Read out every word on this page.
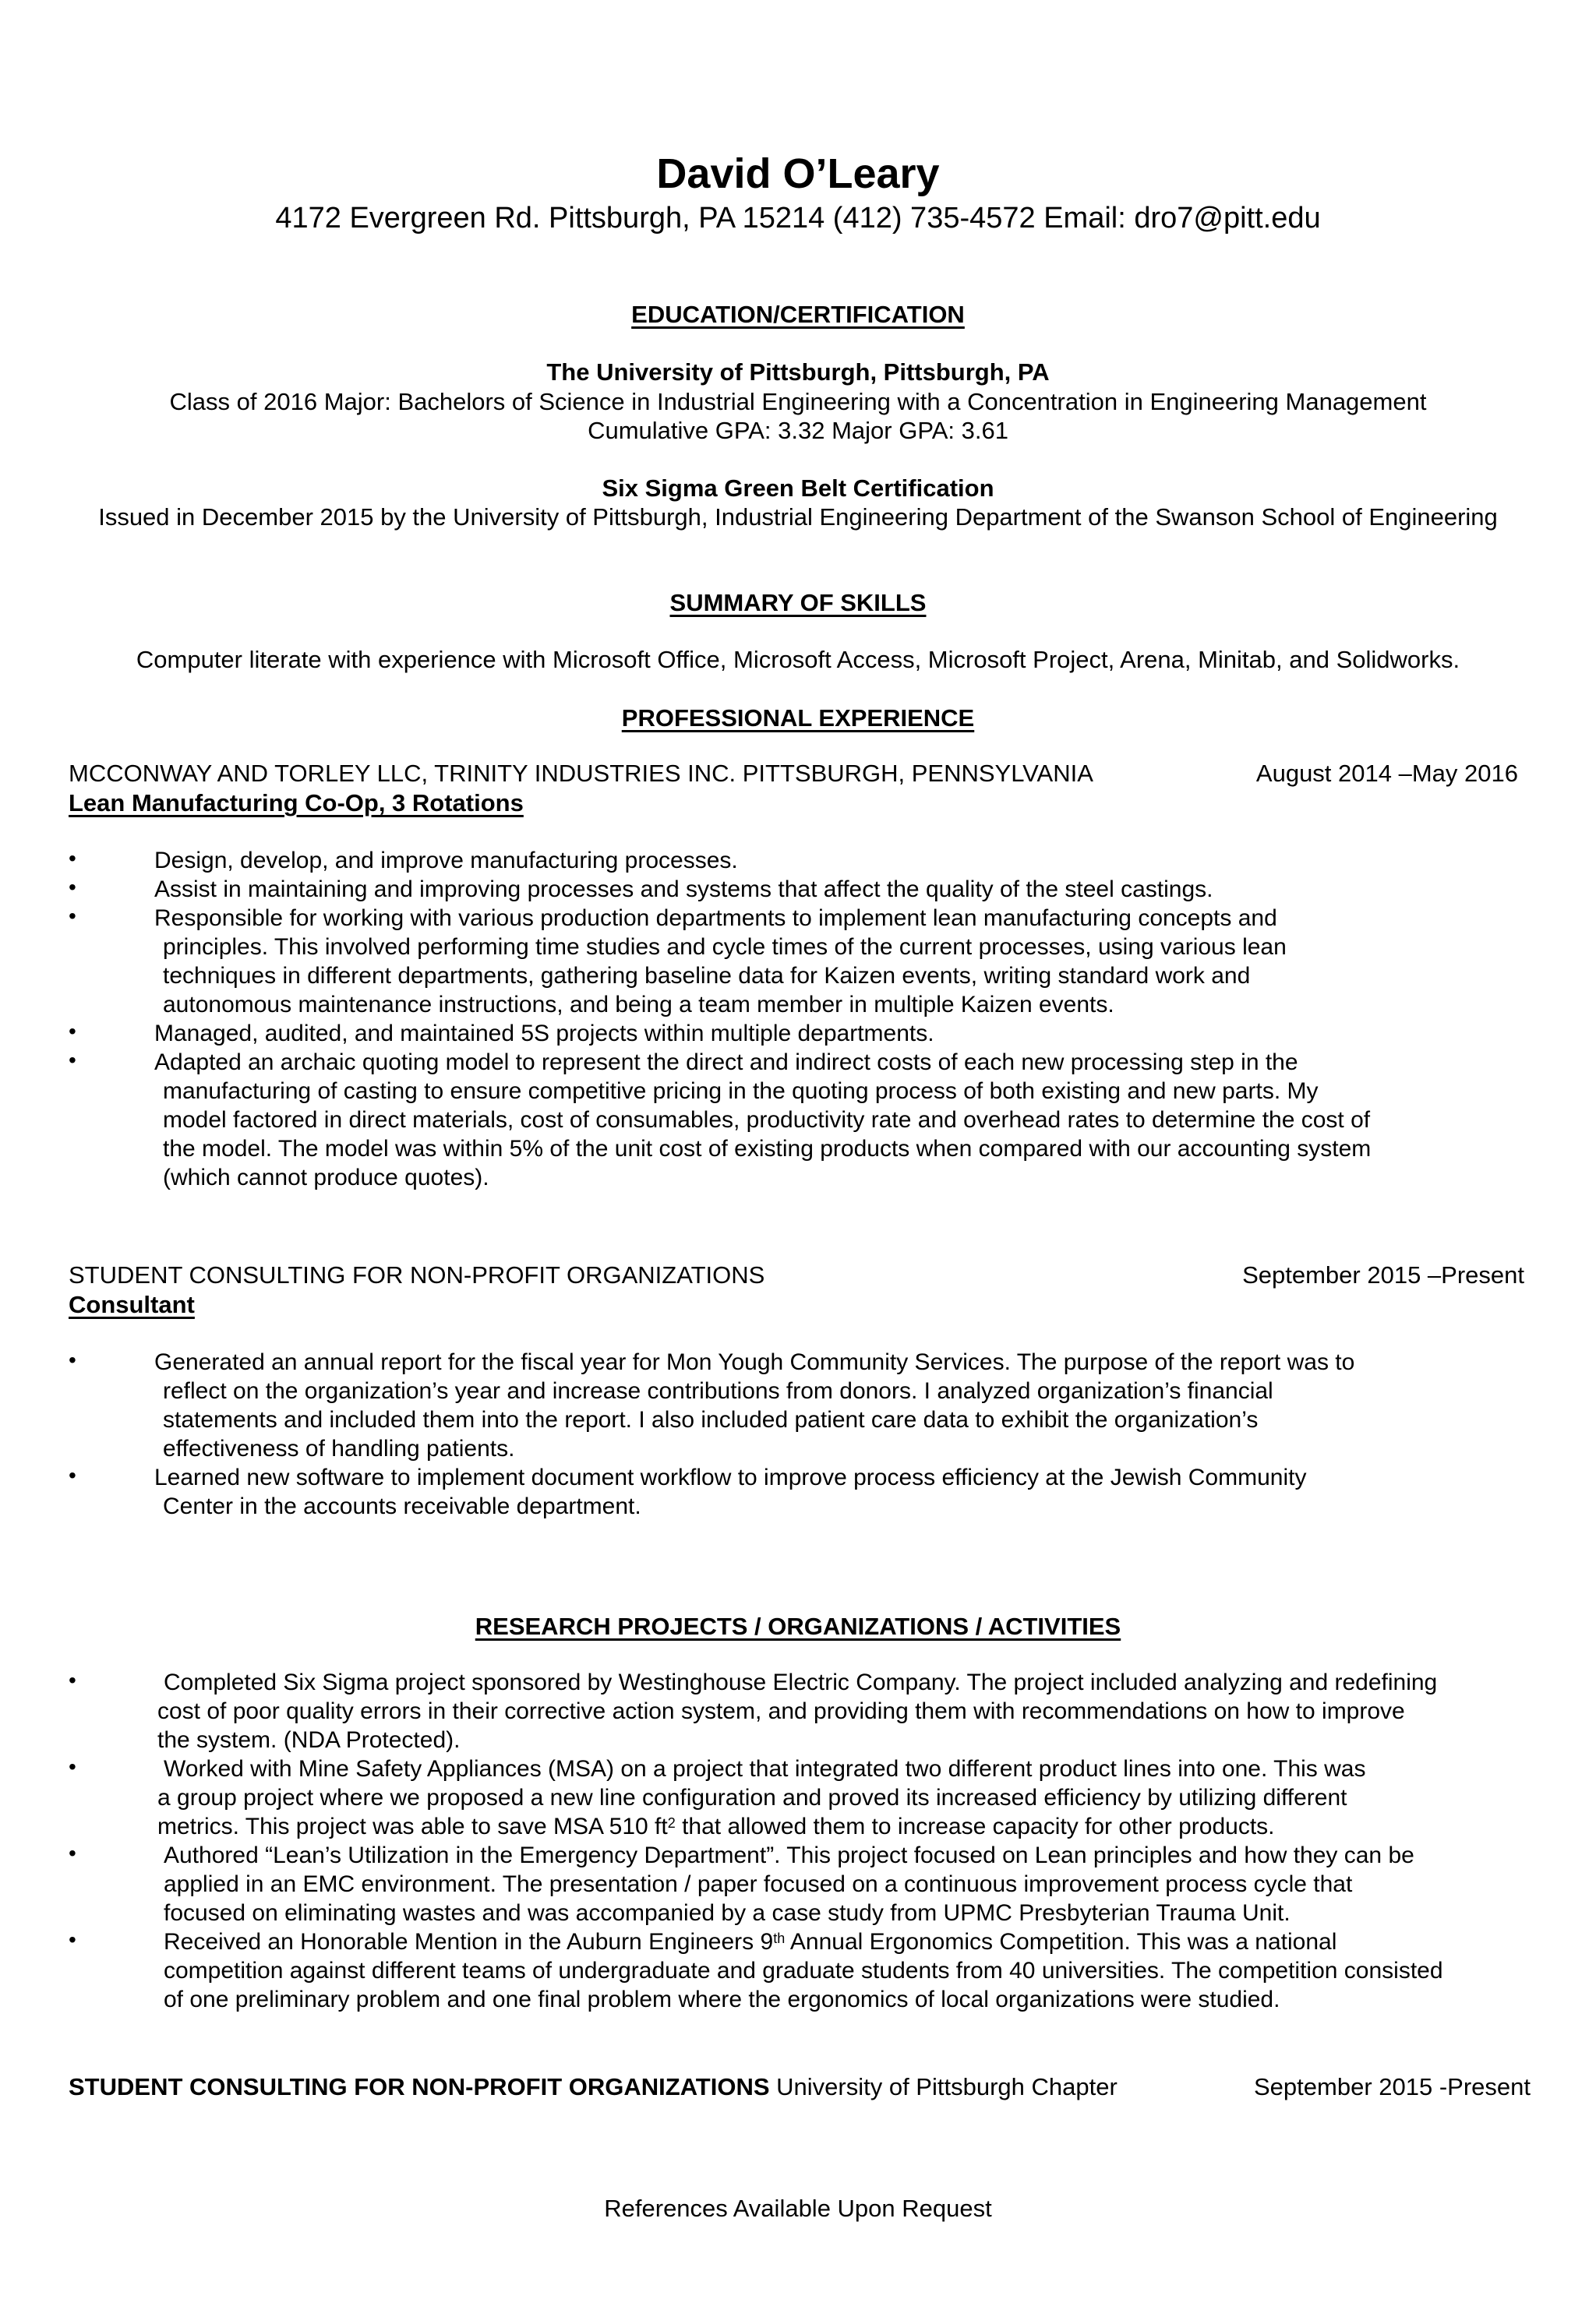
David O’Leary
4172 Evergreen Rd. Pittsburgh, PA 15214 (412) 735-4572 Email: dro7@pitt.edu
EDUCATION/CERTIFICATION
The University of Pittsburgh, Pittsburgh, PA
Class of 2016 Major: Bachelors of Science in Industrial Engineering with a Concentration in Engineering Management
Cumulative GPA: 3.32 Major GPA: 3.61
Six Sigma Green Belt Certification
Issued in December 2015 by the University of Pittsburgh, Industrial Engineering Department of the Swanson School of Engineering
SUMMARY OF SKILLS
Computer literate with experience with Microsoft Office, Microsoft Access, Microsoft Project, Arena, Minitab, and Solidworks.
PROFESSIONAL EXPERIENCE
MCCONWAY AND TORLEY LLC, TRINITY INDUSTRIES INC. PITTSBURGH, PENNSYLVANIA	August 2014 –May 2016
Lean Manufacturing Co-Op, 3 Rotations
•	Design, develop, and improve manufacturing processes.
•	Assist in maintaining and improving processes and systems that affect the quality of the steel castings.
•	Responsible for working with various production departments to implement lean manufacturing concepts and
principles. This involved performing time studies and cycle times of the current processes, using various lean
techniques in different departments, gathering baseline data for Kaizen events, writing standard work and
autonomous maintenance instructions, and being a team member in multiple Kaizen events.
•	Managed, audited, and maintained 5S projects within multiple departments.
•	Adapted an archaic quoting model to represent the direct and indirect costs of each new processing step in the
manufacturing of casting to ensure competitive pricing in the quoting process of both existing and new parts. My
model factored in direct materials, cost of consumables, productivity rate and overhead rates to determine the cost of
the model. The model was within 5% of the unit cost of existing products when compared with our accounting system
(which cannot produce quotes).
STUDENT CONSULTING FOR NON-PROFIT ORGANIZATIONS	September 2015 –Present
Consultant
•	Generated an annual report for the fiscal year for Mon Yough Community Services. The purpose of the report was to
reflect on the organization’s year and increase contributions from donors. I analyzed organization’s financial
statements and included them into the report. I also included patient care data to exhibit the organization’s
effectiveness of handling patients.
•	Learned new software to implement document workflow to improve process efficiency at the Jewish Community
Center in the accounts receivable department.
RESEARCH PROJECTS / ORGANIZATIONS / ACTIVITIES
•	Completed Six Sigma project sponsored by Westinghouse Electric Company. The project included analyzing and redefining
cost of poor quality errors in their corrective action system, and providing them with recommendations on how to improve
the system. (NDA Protected).
•	Worked with Mine Safety Appliances (MSA) on a project that integrated two different product lines into one. This was
a group project where we proposed a new line configuration and proved its increased efficiency by utilizing different
metrics. This project was able to save MSA 510 $ft^2$ that allowed them to increase capacity for other products.
•	Authored “Lean’s Utilization in the Emergency Department”. This project focused on Lean principles and how they can be
applied in an EMC environment. The presentation / paper focused on a continuous improvement process cycle that
focused on eliminating wastes and was accompanied by a case study from UPMC Presbyterian Trauma Unit.
•	Received an Honorable Mention in the Auburn Engineers 9th Annual Ergonomics Competition. This was a national
competition against different teams of undergraduate and graduate students from 40 universities. The competition consisted
of one preliminary problem and one final problem where the ergonomics of local organizations were studied.
STUDENT CONSULTING FOR NON-PROFIT ORGANIZATIONS University of Pittsburgh Chapter	September 2015 -Present
References Available Upon Request
